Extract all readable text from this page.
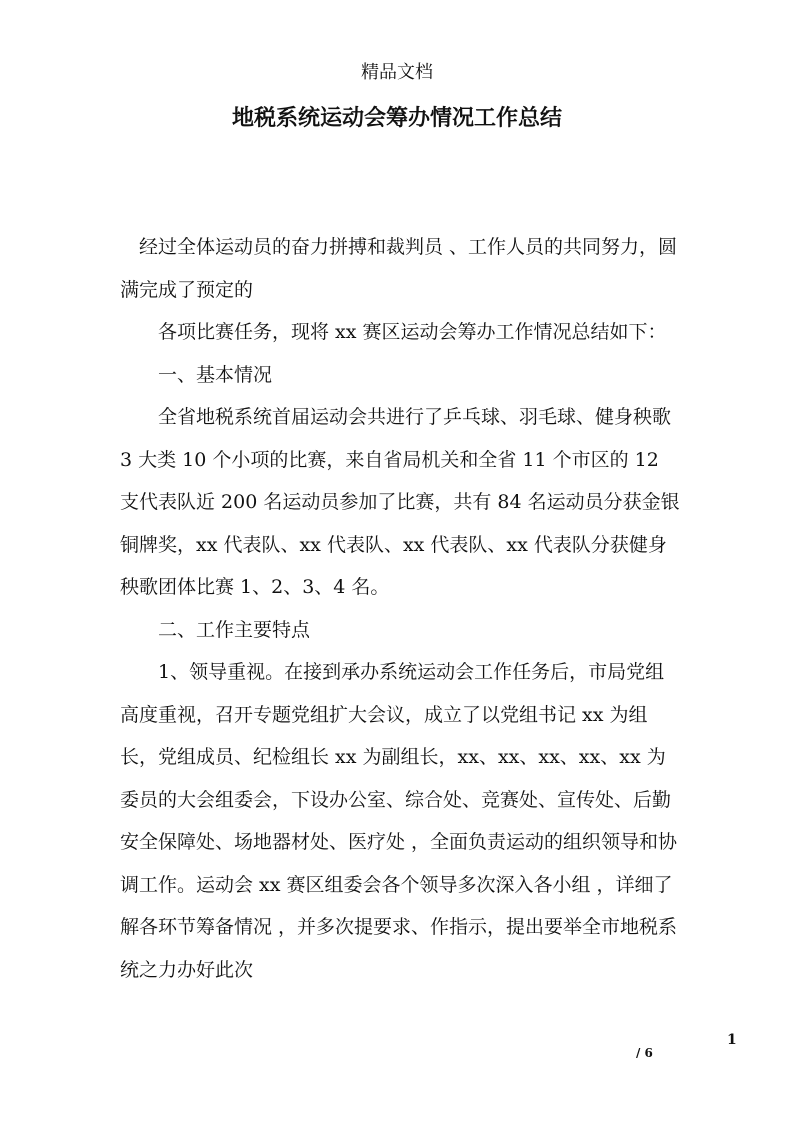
精品文档
地税系统运动会筹办情况工作总结

经过全体运动员的奋力拼搏和裁判员 、工作人员的共同努力，圆满完成了预定的

各项比赛任务，现将 xx 赛区运动会筹办工作情况总结如下：

一、基本情况

全省地税系统首届运动会共进行了乒乓球、羽毛球、健身秧歌 3 大类 10 个小项的比赛，来自省局机关和全省 11 个市区的 12 支代表队近 200 名运动员参加了比赛，共有 84 名运动员分获金银铜牌奖，xx 代表队、xx 代表队、xx 代表队、xx 代表队分获健身秧歌团体比赛 1、2、3、4 名。

二、工作主要特点

1、领导重视。在接到承办系统运动会工作任务后，市局党组高度重视，召开专题党组扩大会议，成立了以党组书记 xx 为组长，党组成员、纪检组长 xx 为副组长，xx、xx、xx、xx、xx 为委员的大会组委会，下设办公室、综合处、竞赛处、宣传处、后勤安全保障处、场地器材处、医疗处 ，全面负责运动的组织领导和协调工作。运动会 xx 赛区组委会各个领导多次深入各小组 ，详细了解各环节筹备情况 ，并多次提要求、作指示，提出要举全市地税系统之力办好此次

1
/ 6
